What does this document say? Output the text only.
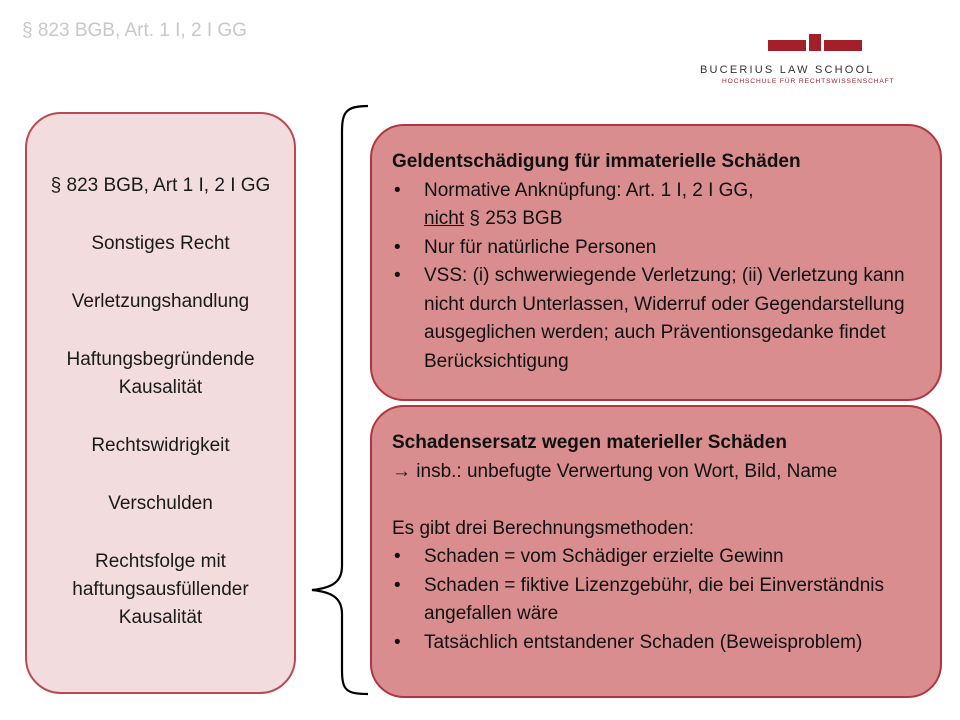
§ 823 BGB, Art. 1 I, 2 I GG
BUCERIUS LAW SCHOOL
HOCHSCHULE FÜR RECHTSWISSENSCHAFT

§ 823 BGB, Art 1 I, 2 I GG

Sonstiges Recht

Verletzungshandlung

Haftungsbegründende
Kausalität

Rechtswidrigkeit

Verschulden

Rechtsfolge mit
haftungsausfüllender
Kausalität

Geldentschädigung für immaterielle Schäden

• Normative Anknüpfung: Art. 1 I, 2 I GG,
nicht § 253 BGB
• Nur für natürliche Personen
• VSS: (i) schwerwiegende Verletzung; (ii) Verletzung kann nicht durch Unterlassen, Widerruf oder Gegendarstellung ausgeglichen werden; auch Präventionsgedanke findet Berücksichtigung

Schadensersatz wegen materieller Schäden

→ insb.: unbefugte Verwertung von Wort, Bild, Name

Es gibt drei Berechnungsmethoden:

• Schaden = vom Schädiger erzielte Gewinn
• Schaden = fiktive Lizenzgebühr, die bei Einverständnis angefallen wäre
• Tatsächlich entstandener Schaden (Beweisproblem)
